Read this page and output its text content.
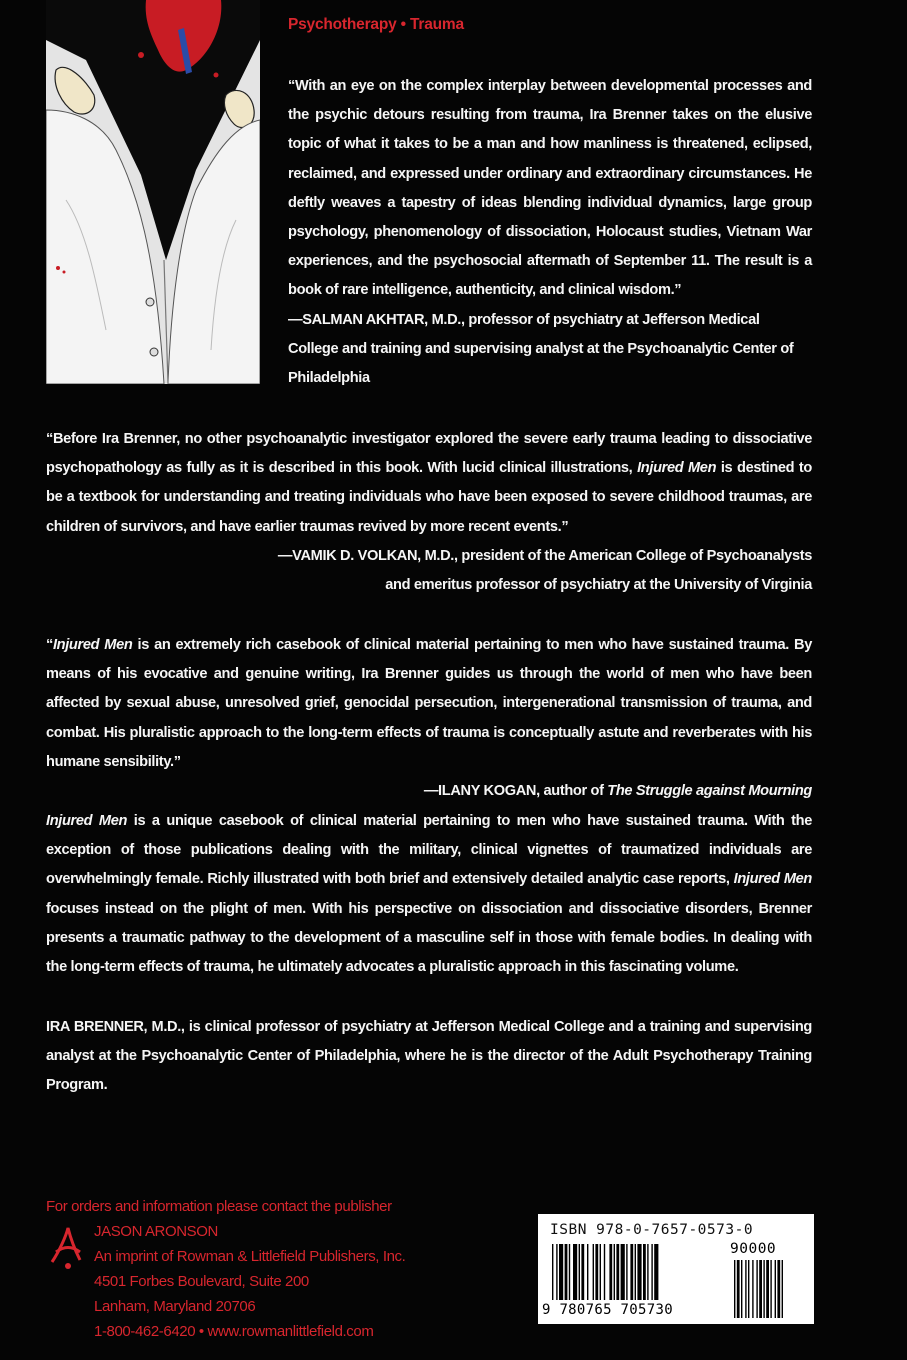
Psychotherapy • Trauma

“With an eye on the complex interplay between developmental processes and the psychic detours resulting from trauma, Ira Brenner takes on the elusive topic of what it takes to be a man and how manliness is threatened, eclipsed, reclaimed, and expressed under ordinary and extraordinary circumstances. He deftly weaves a tapestry of ideas blending individual dynamics, large group psychology, phenomenology of dissociation, Holocaust studies, Vietnam War experiences, and the psychosocial aftermath of September 11. The result is a book of rare intelligence, authenticity, and clinical wisdom.”

—SALMAN AKHTAR, M.D., professor of psychiatry at Jefferson Medical College and training and supervising analyst at the Psychoanalytic Center of Philadelphia

“Before Ira Brenner, no other psychoanalytic investigator explored the severe early trauma leading to dissociative psychopathology as fully as it is described in this book. With lucid clinical illustrations, Injured Men is destined to be a textbook for understanding and treating individuals who have been exposed to severe childhood traumas, are children of survivors, and have earlier traumas revived by more recent events.”

—VAMIK D. VOLKAN, M.D., president of the American College of Psychoanalysts

and emeritus professor of psychiatry at the University of Virginia

“Injured Men is an extremely rich casebook of clinical material pertaining to men who have sustained trauma. By means of his evocative and genuine writing, Ira Brenner guides us through the world of men who have been affected by sexual abuse, unresolved grief, genocidal persecution, intergenerational transmission of trauma, and combat. His pluralistic approach to the long-term effects of trauma is conceptually astute and reverberates with his humane sensibility.”

—ILANY KOGAN, author of The Struggle against Mourning

Injured Men is a unique casebook of clinical material pertaining to men who have sustained trauma. With the exception of those publications dealing with the military, clinical vignettes of traumatized individuals are overwhelmingly female. Richly illustrated with both brief and extensively detailed analytic case reports, Injured Men focuses instead on the plight of men. With his perspective on dissociation and dissociative disorders, Brenner presents a traumatic pathway to the development of a masculine self in those with female bodies. In dealing with the long-term effects of trauma, he ultimately advocates a pluralistic approach in this fascinating volume.

IRA BRENNER, M.D., is clinical professor of psychiatry at Jefferson Medical College and a training and supervising analyst at the Psychoanalytic Center of Philadelphia, where he is the director of the Adult Psychotherapy Training Program.

For orders and information please contact the publisher
JASON ARONSON
An imprint of Rowman & Littlefield Publishers, Inc.
4501 Forbes Boulevard, Suite 200
Lanham, Maryland 20706
1-800-462-6420 • www.rowmanlittlefield.com
ISBN 978-0-7657-0573-0
90000
9 780765 705730
